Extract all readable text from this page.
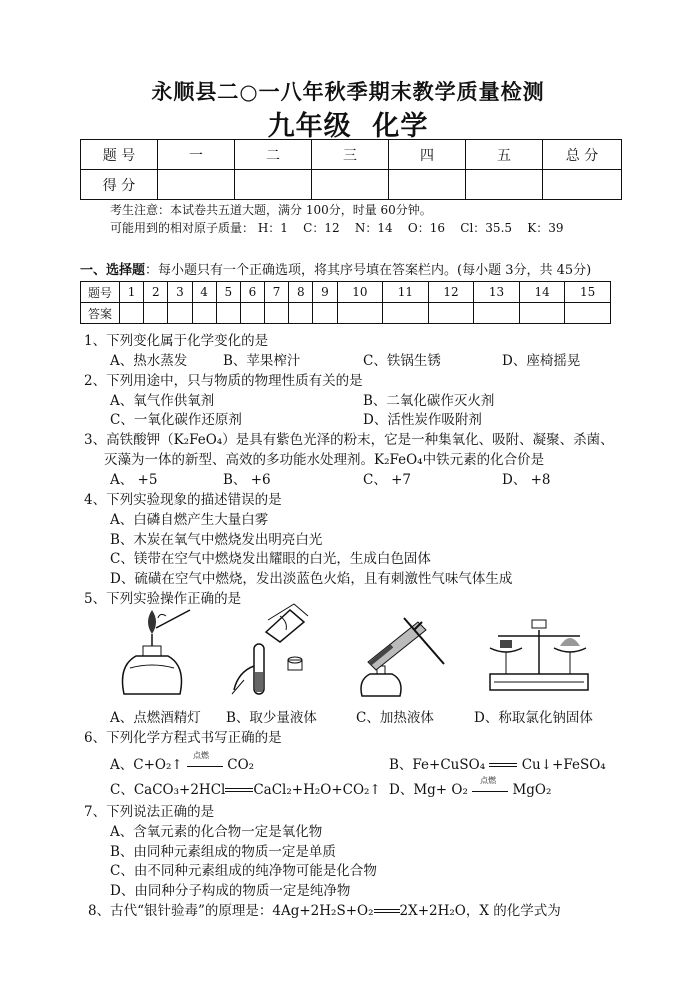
永顺县二○一八年秋季期末教学质量检测
九年级  化学
题 号	一	二	三	四	五	总 分
得 分						
考生注意：本试卷共五道大题，满分 100分，时量 60分钟。
可能用到的相对原子质量： H：1    C：12    N：14    O：16    Cl：35.5    K：39
一、选择题：每小题只有一个正确选项，将其序号填在答案栏内。(每小题 3分，共 45分)
题号	1	2	3	4	5	6	7	8	9	10	11	12	13	14	15
答案															
1、下列变化属于化学变化的是
A、热水蒸发	B、苹果榨汁	C、铁锅生锈	D、座椅摇晃
2、下列用途中，只与物质的物理性质有关的是
A、氧气作供氧剂	B、二氧化碳作灭火剂
C、一氧化碳作还原剂	D、活性炭作吸附剂
3、高铁酸钾（K₂FeO₄）是具有紫色光泽的粉末，它是一种集氧化、吸附、凝聚、杀菌、
灭藻为一体的新型、高效的多功能水处理剂。K₂FeO₄中铁元素的化合价是
A、 +5	B、 +6	C、 +7	D、 +8
4、下列实验现象的描述错误的是
A、白磷自燃产生大量白雾
B、木炭在氧气中燃烧发出明亮白光
C、镁带在空气中燃烧发出耀眼的白光，生成白色固体
D、硫磺在空气中燃烧，发出淡蓝色火焰，且有刺激性气味气体生成
5、下列实验操作正确的是
A、点燃酒精灯 B、取少量液体	C、加热液体	D、称取氯化钠固体
6、下列化学方程式书写正确的是
A、C+O₂↑
点燃
CO₂	B、Fe+CuSO₄	Cu↓+FeSO₄
C、CaCO₃+2HCl CaCl₂+H₂O+CO₂↑ D、Mg+ O₂
点燃
MgO₂
7、下列说法正确的是
A、含氧元素的化合物一定是氧化物
B、由同种元素组成的物质一定是单质
C、由不同种元素组成的纯净物可能是化合物
D、由同种分子构成的物质一定是纯净物
8、古代“银针验毒”的原理是：4Ag+2H₂S+O₂ 2X+2H₂O，X 的化学式为
